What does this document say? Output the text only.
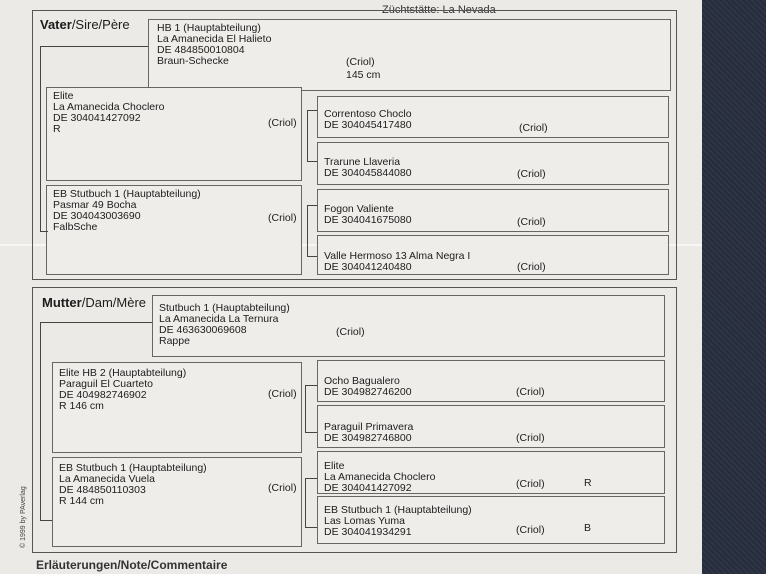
Züchtstätte: La Nevada
Vater/Sire/Père	HB 1 (Hauptabteilung)
La Amanecida El Halieto
DE 484850010804
Braun-Schecke	(Criol)
145 cm
Elite
La Amanecida Choclero
DE 304041427092
R	(Criol)
EB Stutbuch 1 (Hauptabteilung)
Pasmar 49 Bocha
DE 304043003690
FalbSche
(Criol)
Correntoso Choclo
DE 304045417480	(Criol)
Trarune Llaveria
DE 304045844080	(Criol)
Fogon Valiente
DE 304041675080	(Criol)
Valle Hermoso 13 Alma Negra I
DE 304041240480	(Criol)
Mutter/Dam/Mère Stutbuch 1 (Hauptabteilung)
La Amanecida La Ternura
DE 463630069608
Rappe
(Criol)
Elite HB 2 (Hauptabteilung)
Paraguil El Cuarteto
DE 404982746902
R 146 cm
(Criol)
EB Stutbuch 1 (Hauptabteilung)
La Amanecida Vuela
DE 484850110303
R 144 cm
(Criol)
Ocho Bagualero
DE 304982746200	(Criol)
Paraguil Primavera
DE 304982746800	(Criol)
Elite
La Amanecida Choclero
DE 304041427092	(Criol)	R
EB Stutbuch 1 (Hauptabteilung)
Las Lomas Yuma
DE 304041934291	(Criol)	B
© 1999 by PAverlag
Erläuterungen/Note/Commentaire
